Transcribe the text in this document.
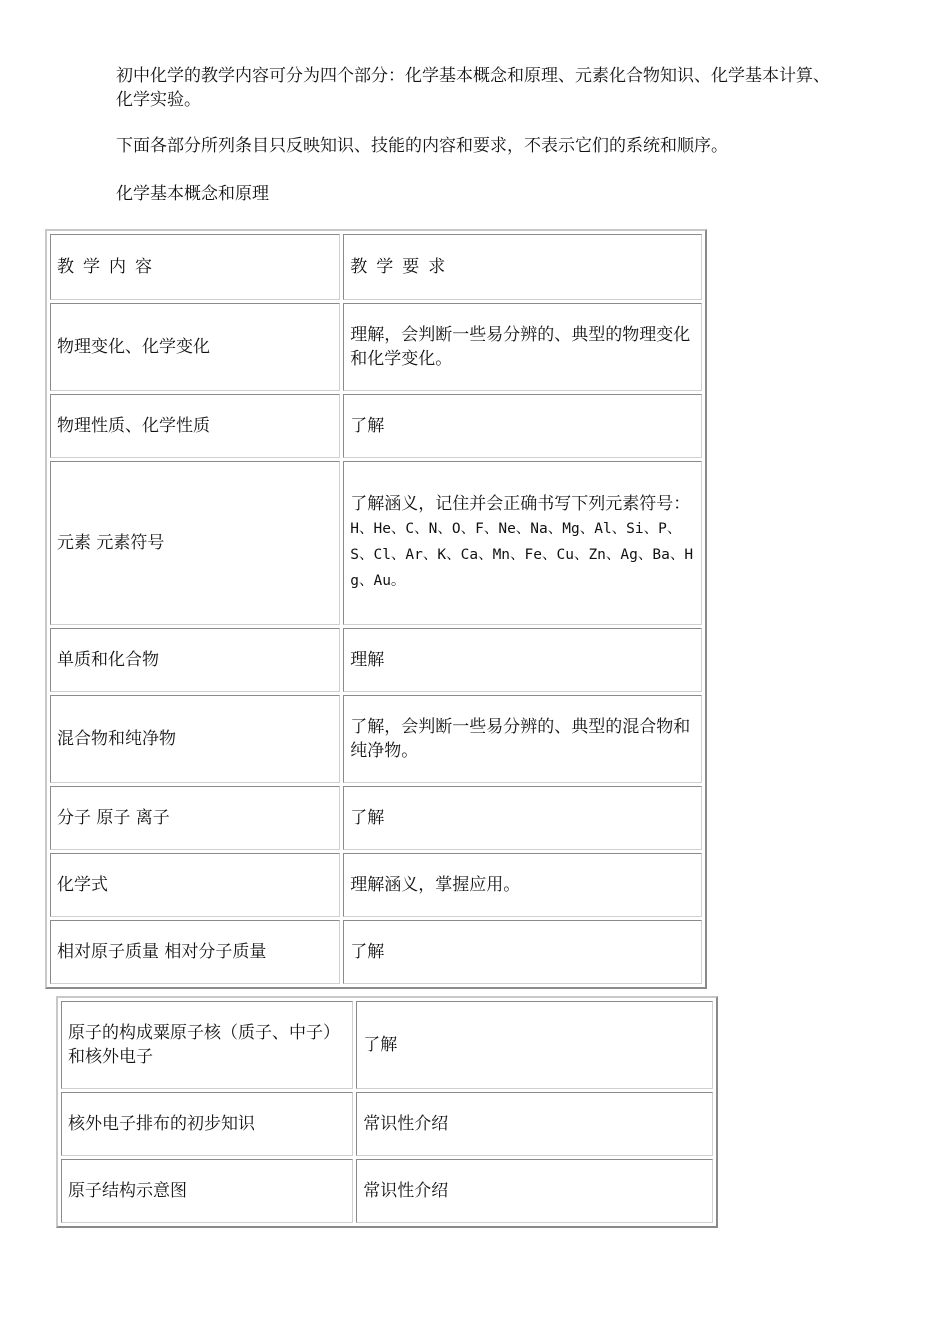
初中化学的教学内容可分为四个部分：化学基本概念和原理、元素化合物知识、化学基本计算、化学实验。

下面各部分所列条目只反映知识、技能的内容和要求，不表示它们的系统和顺序。

化学基本概念和原理

教学内容	教学要求
物理变化、化学变化	理解，会判断一些易分辨的、典型的物理变化和化学变化。
物理性质、化学性质	了解
元素 元素符号	了解涵义，记住并会正确书写下列元素符号：
H、He、C、N、O、F、Ne、Na、Mg、Al、Si、P、S、Cl、Ar、K、Ca、Mn、Fe、Cu、Zn、Ag、Ba、Hg、Au。
单质和化合物	理解
混合物和纯净物	了解，会判断一些易分辨的、典型的混合物和纯净物。
分子 原子 离子	了解
化学式	理解涵义，掌握应用。
相对原子质量 相对分子质量	了解
原子的构成粟原子核（质子、中子）和核外电子	了解
核外电子排布的初步知识	常识性介绍
原子结构示意图	常识性介绍
